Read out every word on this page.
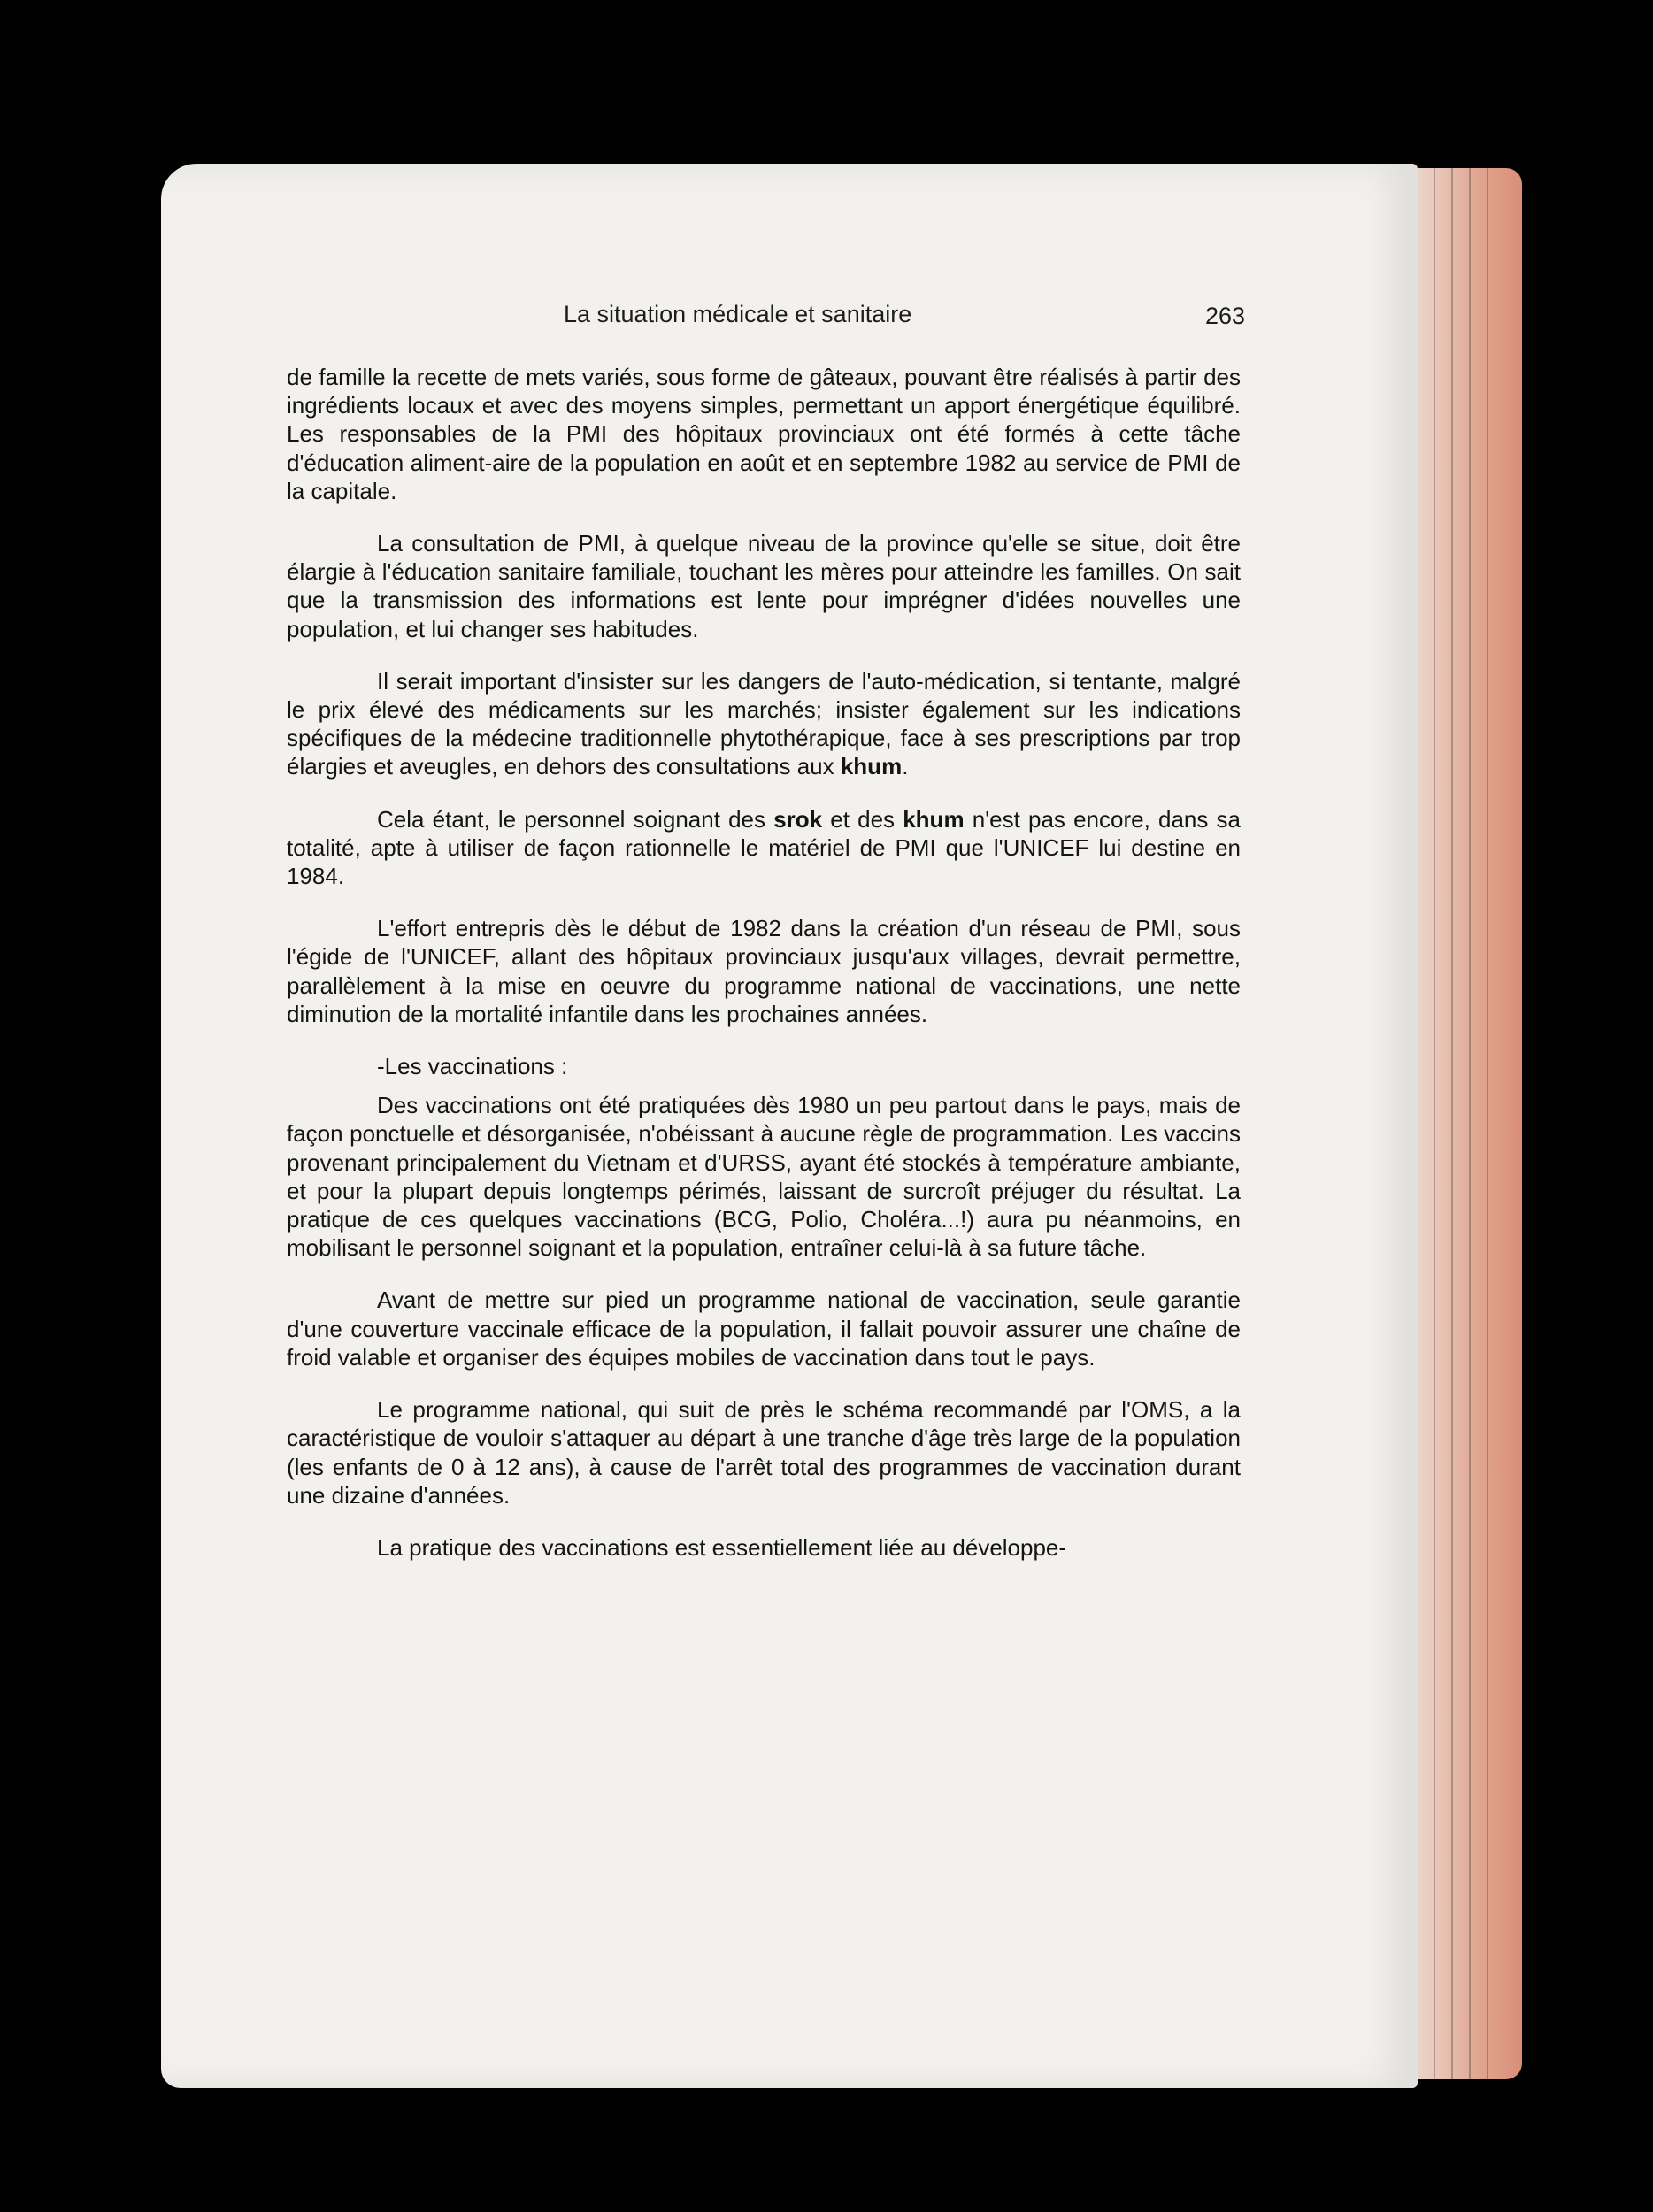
La situation médicale et sanitaire	263

de famille la recette de mets variés, sous forme de gâteaux, pouvant être réalisés à partir des ingrédients locaux et avec des moyens simples, permettant un apport énergétique équilibré. Les responsables de la PMI des hôpitaux provinciaux ont été formés à cette tâche d'éducation aliment-aire de la population en août et en septembre 1982 au service de PMI de la capitale.

La consultation de PMI, à quelque niveau de la province qu'elle se situe, doit être élargie à l'éducation sanitaire familiale, touchant les mères pour atteindre les familles. On sait que la transmission des informations est lente pour imprégner d'idées nouvelles une population, et lui changer ses habitudes.

Il serait important d'insister sur les dangers de l'auto-médication, si tentante, malgré le prix élevé des médicaments sur les marchés; insister également sur les indications spécifiques de la médecine traditionnelle phytothérapique, face à ses prescriptions par trop élargies et aveugles, en dehors des consultations aux khum.

Cela étant, le personnel soignant des srok et des khum n'est pas encore, dans sa totalité, apte à utiliser de façon rationnelle le matériel de PMI que l'UNICEF lui destine en 1984.

L'effort entrepris dès le début de 1982 dans la création d'un réseau de PMI, sous l'égide de l'UNICEF, allant des hôpitaux provinciaux jusqu'aux villages, devrait permettre, parallèlement à la mise en oeuvre du programme national de vaccinations, une nette diminution de la mortalité infantile dans les prochaines années.

-Les vaccinations :

Des vaccinations ont été pratiquées dès 1980 un peu partout dans le pays, mais de façon ponctuelle et désorganisée, n'obéissant à aucune règle de programmation. Les vaccins provenant principalement du Vietnam et d'URSS, ayant été stockés à température ambiante, et pour la plupart depuis longtemps périmés, laissant de surcroît préjuger du résultat. La pratique de ces quelques vaccinations (BCG, Polio, Choléra...!) aura pu néanmoins, en mobilisant le personnel soignant et la population, entraîner celui-là à sa future tâche.

Avant de mettre sur pied un programme national de vaccination, seule garantie d'une couverture vaccinale efficace de la population, il fallait pouvoir assurer une chaîne de froid valable et organiser des équipes mobiles de vaccination dans tout le pays.

Le programme national, qui suit de près le schéma recommandé par l'OMS, a la caractéristique de vouloir s'attaquer au départ à une tranche d'âge très large de la population (les enfants de 0 à 12 ans), à cause de l'arrêt total des programmes de vaccination durant une dizaine d'années.

La pratique des vaccinations est essentiellement liée au développe-
